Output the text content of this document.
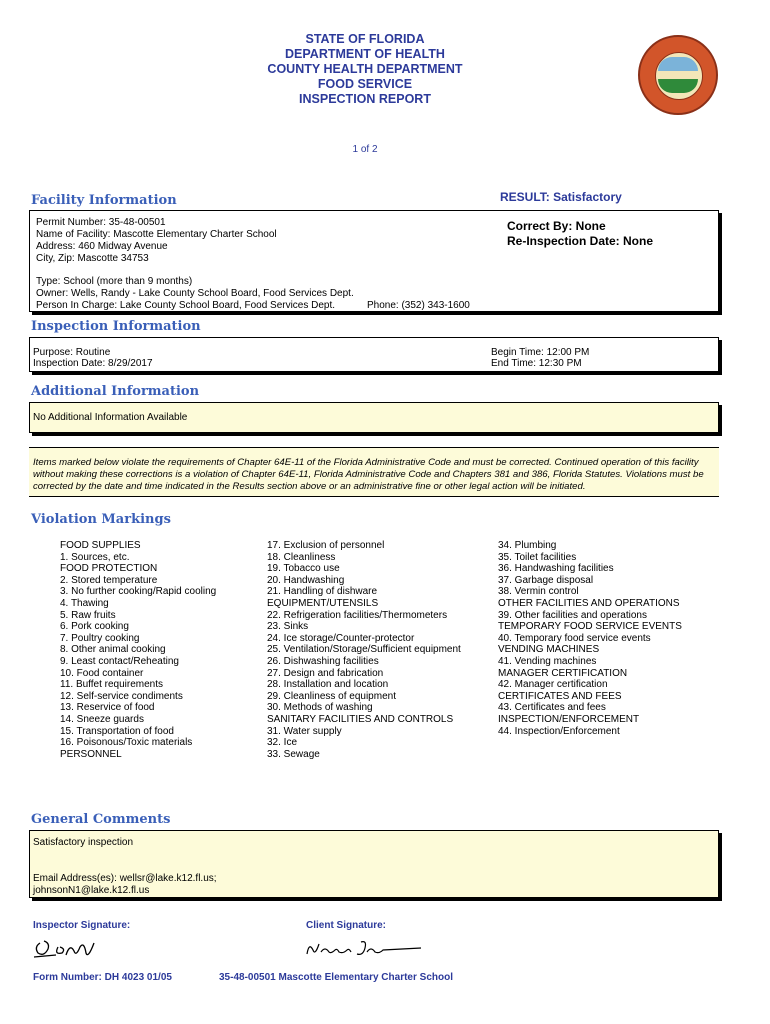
STATE OF FLORIDA
DEPARTMENT OF HEALTH
COUNTY HEALTH DEPARTMENT
FOOD SERVICE
INSPECTION REPORT
1 of 2
RESULT: Satisfactory
Facility Information
Permit Number: 35-48-00501
Name of Facility: Mascotte Elementary Charter School
Address: 460 Midway Avenue
City, Zip: Mascotte 34753
Type: School (more than 9 months)
Owner: Wells, Randy - Lake County School Board, Food Services Dept.
Person In Charge: Lake County School Board, Food Services Dept.	Phone: (352) 343-1600
Correct By: None
Re-Inspection Date: None
Inspection Information
Purpose: Routine
Inspection Date: 8/29/2017
Begin Time: 12:00 PM
End Time: 12:30 PM
Additional Information
No Additional Information Available
Items marked below violate the requirements of Chapter 64E-11 of the Florida Administrative Code and must be corrected. Continued operation of this facility without making these corrections is a violation of Chapter 64E-11, Florida Administrative Code and Chapters 381 and 386, Florida Statutes. Violations must be corrected by the date and time indicated in the Results section above or an administrative fine or other legal action will be initiated.
Violation Markings
FOOD SUPPLIES
1. Sources, etc.
FOOD PROTECTION
2. Stored temperature
3. No further cooking/Rapid cooling
4. Thawing
5. Raw fruits
6. Pork cooking
7. Poultry cooking
8. Other animal cooking
9. Least contact/Reheating
10. Food container
11. Buffet requirements
12. Self-service condiments
13. Reservice of food
14. Sneeze guards
15. Transportation of food
16. Poisonous/Toxic materials
PERSONNEL
17. Exclusion of personnel
18. Cleanliness
19. Tobacco use
20. Handwashing
21. Handling of dishware
EQUIPMENT/UTENSILS
22. Refrigeration facilities/Thermometers
23. Sinks
24. Ice storage/Counter-protector
25. Ventilation/Storage/Sufficient equipment
26. Dishwashing facilities
27. Design and fabrication
28. Installation and location
29. Cleanliness of equipment
30. Methods of washing
SANITARY FACILITIES AND CONTROLS
31. Water supply
32. Ice
33. Sewage
34. Plumbing
35. Toilet facilities
36. Handwashing facilities
37. Garbage disposal
38. Vermin control
OTHER FACILITIES AND OPERATIONS
39. Other facilities and operations
TEMPORARY FOOD SERVICE EVENTS
40. Temporary food service events
VENDING MACHINES
41. Vending machines
MANAGER CERTIFICATION
42. Manager certification
CERTIFICATES AND FEES
43. Certificates and fees
INSPECTION/ENFORCEMENT
44. Inspection/Enforcement
General Comments
Satisfactory inspection
Email Address(es): wellsr@lake.k12.fl.us;
johnsonN1@lake.k12.fl.us
Inspector Signature:	Client Signature:
Form Number: DH 4023 01/05	35-48-00501 Mascotte Elementary Charter School
